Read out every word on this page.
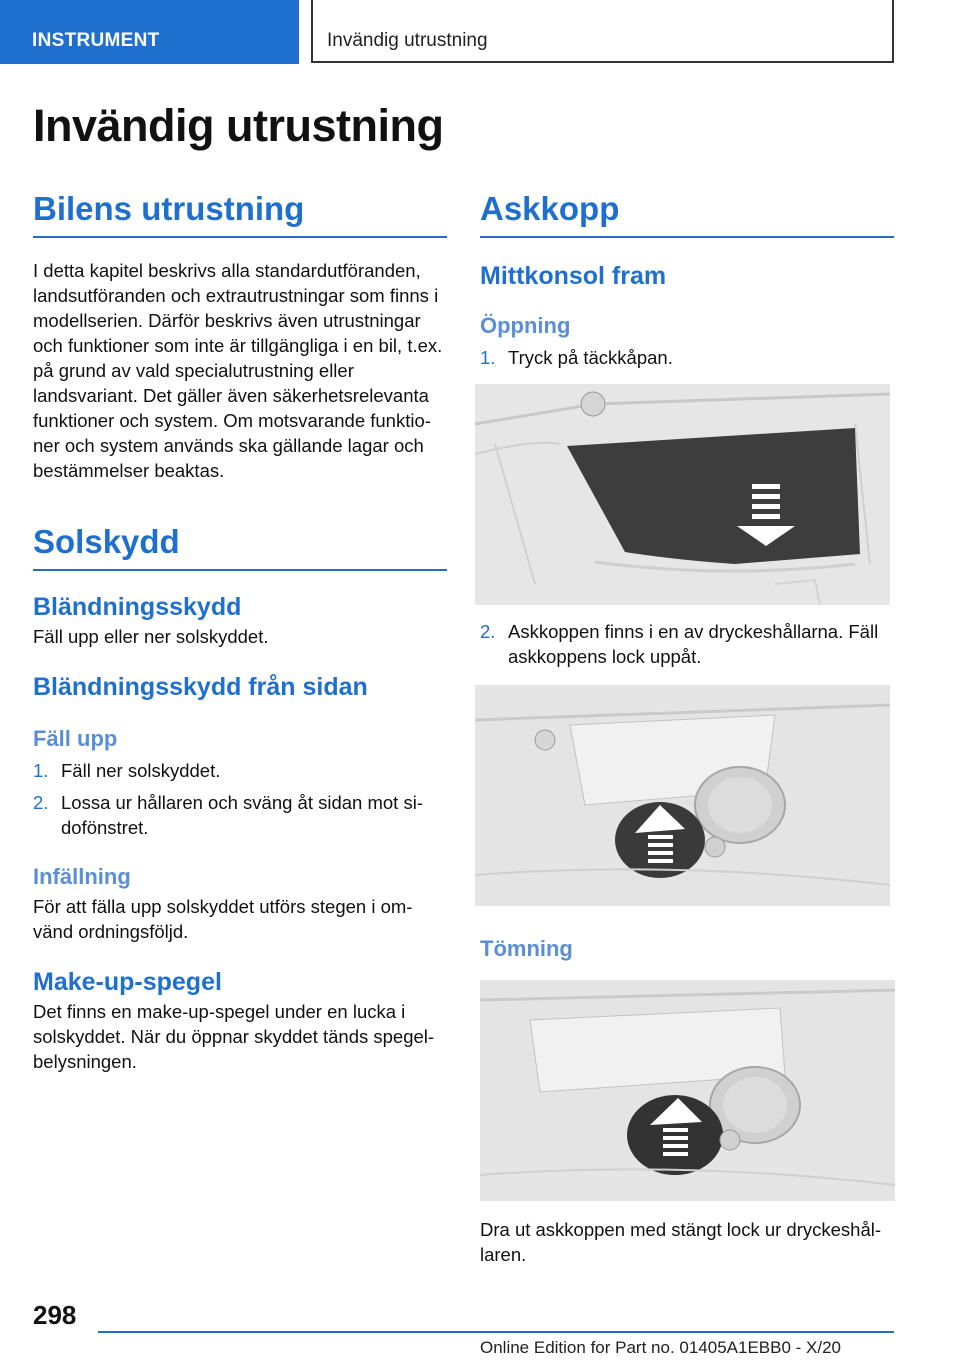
INSTRUMENT	Invändig utrustning
Invändig utrustning
Bilens utrustning

I detta kapitel beskrivs alla standardutföranden, landsutföranden och extrautrustningar som finns i modellserien. Därför beskrivs även utrustningar och funktioner som inte är tillgängliga i en bil, t.ex. på grund av vald specialutrustning eller landsvariant. Det gäller även säkerhetsrelevanta funktioner och system. Om motsvarande funktio- ner och system används ska gällande lagar och bestämmelser beaktas.

Solskydd
Bländningsskydd

Fäll upp eller ner solskyddet.

Bländningsskydd från sidan
Fäll upp
1. Fäll ner solskyddet.
2. Lossa ur hållaren och sväng åt sidan mot si- dofönstret.
Infällning

För att fälla upp solskyddet utförs stegen i om- vänd ordningsföljd.

Make-up-spegel

Det finns en make-up-spegel under en lucka i solskyddet. När du öppnar skyddet tänds spegel- belysningen.

Askkopp
Mittkonsol fram
Öppning
1. Tryck på täckkåpan.
2. Askkoppen finns i en av dryckeshållarna. Fäll askkoppens lock uppåt.
Tömning

Dra ut askkoppen med stängt lock ur dryckeshål- laren.

298
Online Edition for Part no. 01405A1EBB0 - X/20
